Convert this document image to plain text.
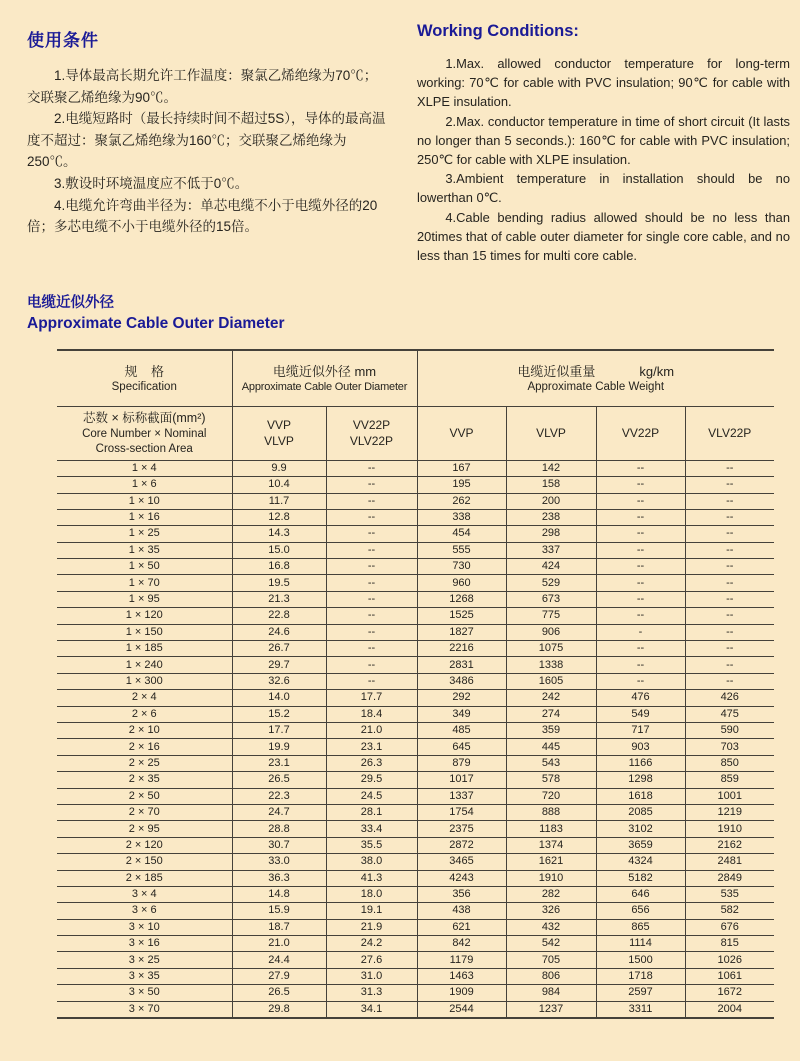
使用条件

1.导体最高长期允许工作温度：聚氯乙烯绝缘为70℃；交联聚乙烯绝缘为90℃。

2.电缆短路时（最长持续时间不超过5S），导体的最高温度不超过：聚氯乙烯绝缘为160℃；交联聚乙烯绝缘为250℃。

3.敷设时环境温度应不低于0℃。

4.电缆允许弯曲半径为：单芯电缆不小于电缆外径的20倍；多芯电缆不小于电缆外径的15倍。

Working Conditions:

1.Max. allowed conductor temperature for long-term working: 70℃ for cable with PVC insulation; 90℃ for cable with XLPE insulation.

2.Max. conductor temperature in time of short circuit (It lasts no longer than 5 seconds.): 160℃ for cable with PVC insulation; 250℃ for cable with XLPE insulation.

3.Ambient temperature in installation should be no lowerthan 0℃.

4.Cable bending radius allowed should be no less than 20times that of cable outer diameter for single core cable, and no less than 15 times for multi core cable.

电缆近似外径
Approximate Cable Outer Diameter
规 格
Specification

电缆近似外径 mm
Approximate Cable Outer Diameter

电缆近似重量	kg/km
Approximate Cable Weight

芯数 × 标称截面(mm²)
Core Number × Nominal
Cross-section Area

VVP
VLVP

VV22P
VLV22P

VVP	VLVP	VV22P	VLV22P

1 × 4	9.9	--	167	142	--	--
1 × 6	10.4	--	195	158	--	--
1 × 10	11.7	--	262	200	--	--
1 × 16	12.8	--	338	238	--	--
1 × 25	14.3	--	454	298	--	--
1 × 35	15.0	--	555	337	--	--
1 × 50	16.8	--	730	424	--	--
1 × 70	19.5	--	960	529	--	--
1 × 95	21.3	--	1268	673	--	--
1 × 120	22.8	--	1525	775	--	--
1 × 150	24.6	--	1827	906	-	--
1 × 185	26.7	--	2216	1075	--	--
1 × 240	29.7	--	2831	1338	--	--
1 × 300	32.6	--	3486	1605	--	--
2 × 4	14.0	17.7	292	242	476	426
2 × 6	15.2	18.4	349	274	549	475
2 × 10	17.7	21.0	485	359	717	590
2 × 16	19.9	23.1	645	445	903	703
2 × 25	23.1	26.3	879	543	1166	850
2 × 35	26.5	29.5	1017	578	1298	859
2 × 50	22.3	24.5	1337	720	1618	1001
2 × 70	24.7	28.1	1754	888	2085	1219
2 × 95	28.8	33.4	2375	1183	3102	1910
2 × 120	30.7	35.5	2872	1374	3659	2162
2 × 150	33.0	38.0	3465	1621	4324	2481
2 × 185	36.3	41.3	4243	1910	5182	2849
3 × 4	14.8	18.0	356	282	646	535
3 × 6	15.9	19.1	438	326	656	582
3 × 10	18.7	21.9	621	432	865	676
3 × 16	21.0	24.2	842	542	1114	815
3 × 25	24.4	27.6	1179	705	1500	1026
3 × 35	27.9	31.0	1463	806	1718	1061
3 × 50	26.5	31.3	1909	984	2597	1672
3 × 70	29.8	34.1	2544	1237	3311	2004
